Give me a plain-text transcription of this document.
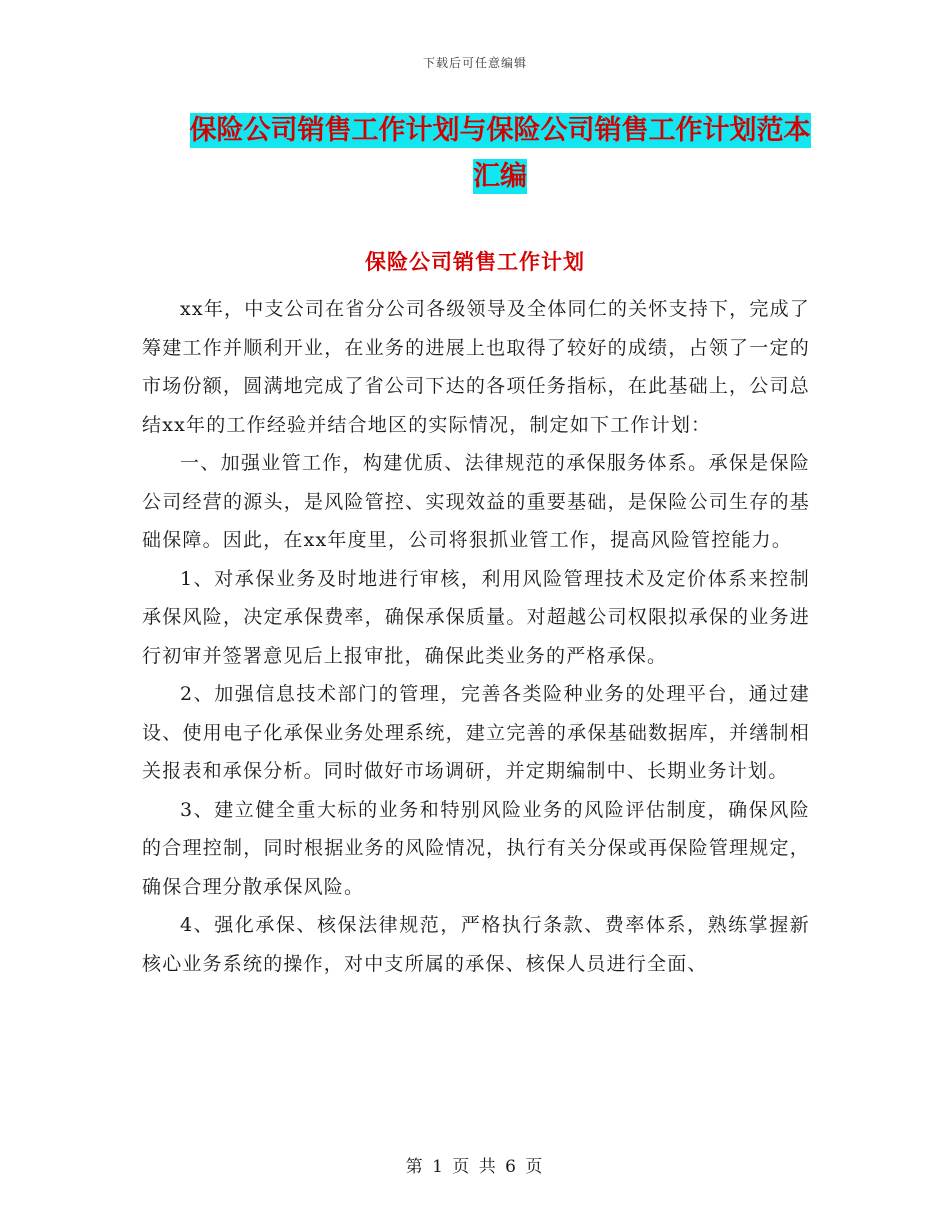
下载后可任意编辑
保险公司销售工作计划与保险公司销售工作计划范本
汇编
保险公司销售工作计划

xx年，中支公司在省分公司各级领导及全体同仁的关怀支持下，完成了筹建工作并顺利开业，在业务的进展上也取得了较好的成绩，占领了一定的市场份额，圆满地完成了省公司下达的各项任务指标，在此基础上，公司总结xx年的工作经验并结合地区的实际情况，制定如下工作计划：

一、加强业管工作，构建优质、法律规范的承保服务体系。承保是保险公司经营的源头，是风险管控、实现效益的重要基础，是保险公司生存的基础保障。因此，在xx年度里，公司将狠抓业管工作，提高风险管控能力。

1、对承保业务及时地进行审核，利用风险管理技术及定价体系来控制承保风险，决定承保费率，确保承保质量。对超越公司权限拟承保的业务进行初审并签署意见后上报审批，确保此类业务的严格承保。

2、加强信息技术部门的管理，完善各类险种业务的处理平台，通过建设、使用电子化承保业务处理系统，建立完善的承保基础数据库，并缮制相关报表和承保分析。同时做好市场调研，并定期编制中、长期业务计划。

3、建立健全重大标的业务和特别风险业务的风险评估制度，确保风险的合理控制，同时根据业务的风险情况，执行有关分保或再保险管理规定，确保合理分散承保风险。

4、强化承保、核保法律规范，严格执行条款、费率体系，熟练掌握新核心业务系统的操作，对中支所属的承保、核保人员进行全面、

第 1 页 共 6 页
